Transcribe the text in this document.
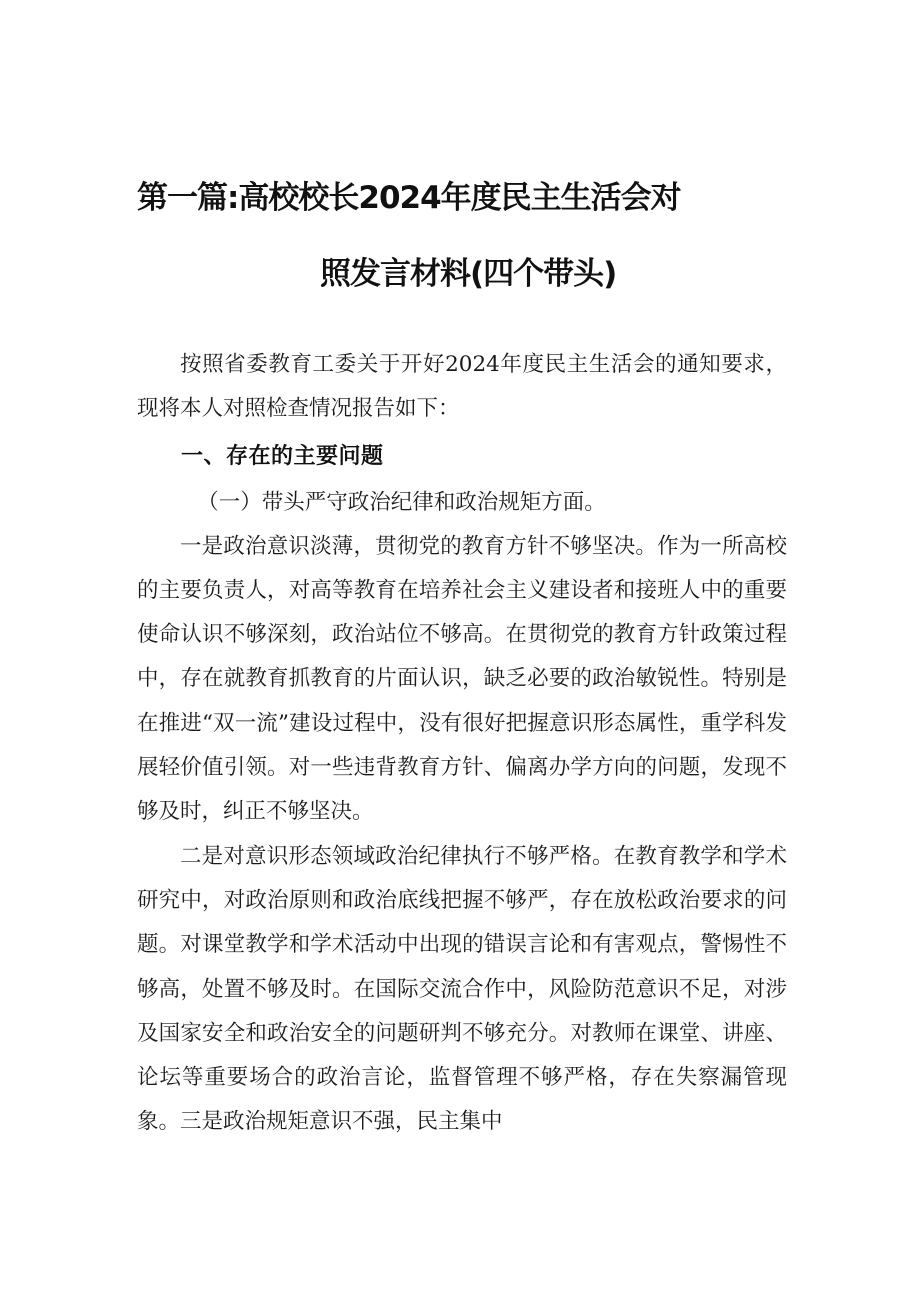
第一篇:高校校长2024年度民主生活会对
照发言材料(四个带头)

按照省委教育工委关于开好2024年度民主生活会的通知要求，现将本人对照检查情况报告如下：

一、存在的主要问题

（一）带头严守政治纪律和政治规矩方面。

一是政治意识淡薄，贯彻党的教育方针不够坚决。作为一所高校的主要负责人，对高等教育在培养社会主义建设者和接班人中的重要使命认识不够深刻，政治站位不够高。在贯彻党的教育方针政策过程中，存在就教育抓教育的片面认识，缺乏必要的政治敏锐性。特别是在推进“双一流”建设过程中，没有很好把握意识形态属性，重学科发展轻价值引领。对一些违背教育方针、偏离办学方向的问题，发现不够及时，纠正不够坚决。

二是对意识形态领域政治纪律执行不够严格。在教育教学和学术研究中，对政治原则和政治底线把握不够严，存在放松政治要求的问题。对课堂教学和学术活动中出现的错误言论和有害观点，警惕性不够高，处置不够及时。在国际交流合作中，风险防范意识不足，对涉及国家安全和政治安全的问题研判不够充分。对教师在课堂、讲座、论坛等重要场合的政治言论，监督管理不够严格，存在失察漏管现象。三是政治规矩意识不强，民主集中
